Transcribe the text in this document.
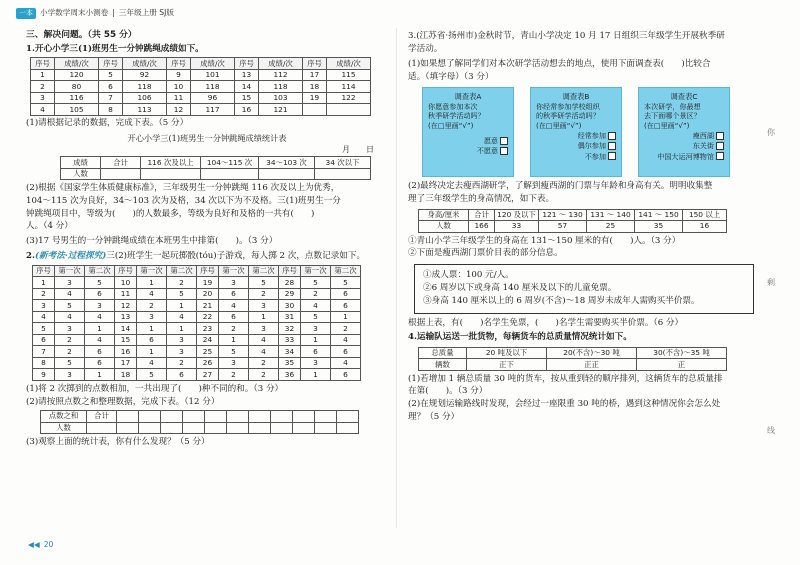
一本 小学数学周末小测卷 | 三年级上册 SJ版
三、解决问题。（共 55 分）
1.开心小学三(1)班男生一分钟跳绳成绩如下。
序号	成绩/次	序号	成绩/次	序号	成绩/次	序号	成绩/次	序号	成绩/次
1	120	5	92	9	101	13	112	17	115
2	80	6	118	10	118	14	118	18	114
3	116	7	106	11	96	15	103	19	122
4	105	8	113	12	117	16	121		
(1)请根据记录的数据，完成下表。（5 分）
开心小学三(1)班男生一分钟跳绳成绩统计表
月　　日
成绩	合计	116 次及以上	104～115 次	34～103 次	34 次以下
人数					
(2)根据《国家学生体质健康标准》，三年级男生一分钟跳绳 116 次及以上为优秀，
104～115 次为良好，34～103 次为及格，34 次以下为不及格。三(1)班男生一分
钟跳绳项目中，等级为(　　)的人数最多，等级为良好和及格的一共有(　　)
人。（4 分）
(3)17 号男生的一分钟跳绳成绩在本班男生中排第(　　)。（3 分）
2.(新考法·过程探究)三(2)班学生一起玩掷骰(tóu)子游戏，每人掷 2 次，点数记录如下。
序号	第一次	第二次	序号	第一次	第二次	序号	第一次	第二次	序号	第一次	第二次
1	3	5	10	1	2	19	3	5	28	5	5
2	4	6	11	4	5	20	6	2	29	2	6
3	5	3	12	2	1	21	4	3	30	4	6
4	4	4	13	3	4	22	6	1	31	5	1
5	3	1	14	1	1	23	2	3	32	3	2
6	2	4	15	6	3	24	1	4	33	1	4
7	2	6	16	1	3	25	5	4	34	6	6
8	5	6	17	4	2	26	3	2	35	3	4
9	3	1	18	5	6	27	2	2	36	1	6
(1)将 2 次掷到的点数相加，一共出现了(　　)种不同的和。（3 分）
(2)请按照点数之和整理数据，完成下表。（12 分）
点数之和	合计											
人数												
(3)观察上面的统计表，你有什么发现？（5 分）
3.(江苏省·扬州市)金秋时节，青山小学决定 10 月 17 日组织三年级学生开展秋季研
学活动。
(1)如果想了解同学们对本次研学活动想去的地点，使用下面调查表(　　)比较合
适。（填字母）（3 分）
调查表A
你愿意参加本次
秋季研学活动吗？
(在□里画“√”)
愿意
不愿意
调查表B
你经常参加学校组织
的秋季研学活动吗？
(在□里画“√”)
经常参加
偶尔参加
不参加
调查表C
本次研学，你最想
去下面哪个景区？
(在□里画“√”)
瘦西湖
东关街
中国大运河博物馆
(2)最终决定去瘦西湖研学，了解到瘦西湖的门票与年龄和身高有关。明明收集整
理了三年级学生的身高情况，如下表。
身高/厘米	合计	120 及以下	121 ～ 130	131 ～ 140	141 ～ 150	150 以上
人数	166	33	57	25	35	16
①青山小学三年级学生的身高在 131～150 厘米的有(　　)人。（3 分）
②下面是瘦西湖门票价目表的部分信息。
①成人票：100 元/人。
②6 周岁以下或身高 140 厘米及以下的儿童免票。
③身高 140 厘米以上的 6 周岁(不含)～18 周岁未成年人需购买半价票。
根据上表，有(　　)名学生免票，(　　)名学生需要购买半价票。（6 分）
4.运输队运送一批货物，每辆货车的总质量情况统计如下。
总质量	20 吨及以下	20(不含)～30 吨	30(不含)～35 吨
辆数	正下	正正	正
(1)若增加 1 辆总质量 30 吨的货车，按从重到轻的顺序排列，这辆货车的总质量排
在第(　　)。（3 分）
(2)在规划运输路线时发现，会经过一座限重 30 吨的桥，遇到这种情况你会怎么处
理？（5 分）
你
剩
线
◀◀ 20
